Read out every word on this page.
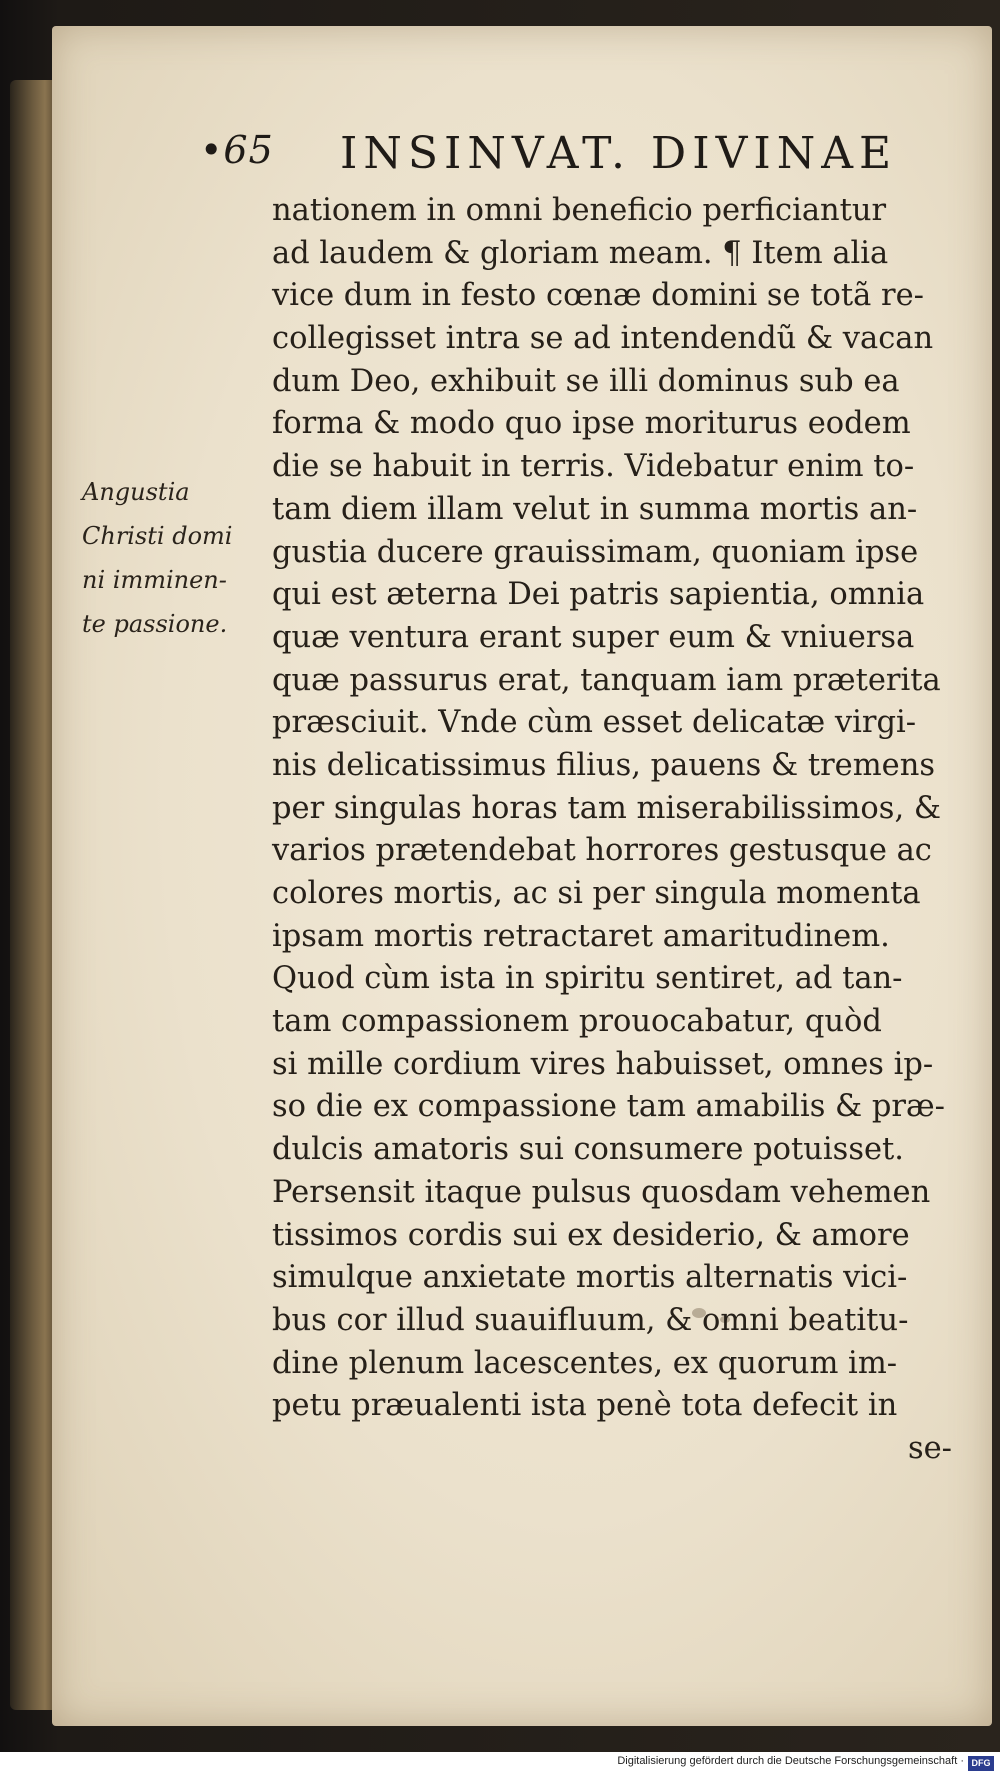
•65 INSINVAT. DIVINAE
Angustia
Christi domi
ni imminen-
te passione.
nationem in omni beneficio perficiantur
ad laudem & gloriam meam. ¶ Item alia
vice dum in festo cœnæ domini se totã re-
collegisset intra se ad intendendũ & vacan
dum Deo, exhibuit se illi dominus sub ea
forma & modo quo ipse moriturus eodem
die se habuit in terris. Videbatur enim to-
tam diem illam velut in summa mortis an-
gustia ducere grauissimam, quoniam ipse
qui est æterna Dei patris sapientia, omnia
quæ ventura erant super eum & vniuersa
quæ passurus erat, tanquam iam præterita
præsciuit. Vnde cùm esset delicatæ virgi-
nis delicatissimus filius, pauens & tremens
per singulas horas tam miserabilissimos, &
varios prætendebat horrores gestusque ac
colores mortis, ac si per singula momenta
ipsam mortis retractaret amaritudinem.
Quod cùm ista in spiritu sentiret, ad tan-
tam compassionem prouocabatur, quòd
si mille cordium vires habuisset, omnes ip-
so die ex compassione tam amabilis & præ-
dulcis amatoris sui consumere potuisset.
Persensit itaque pulsus quosdam vehemen
tissimos cordis sui ex desiderio, & amore
simulque anxietate mortis alternatis vici-
bus cor illud suauifluum, & omni beatitu-
dine plenum lacescentes, ex quorum im-
petu præualenti ista penè tota defecit in
se-
Digitalisierung gefördert durch die Deutsche Forschungsgemeinschaft · DFG
